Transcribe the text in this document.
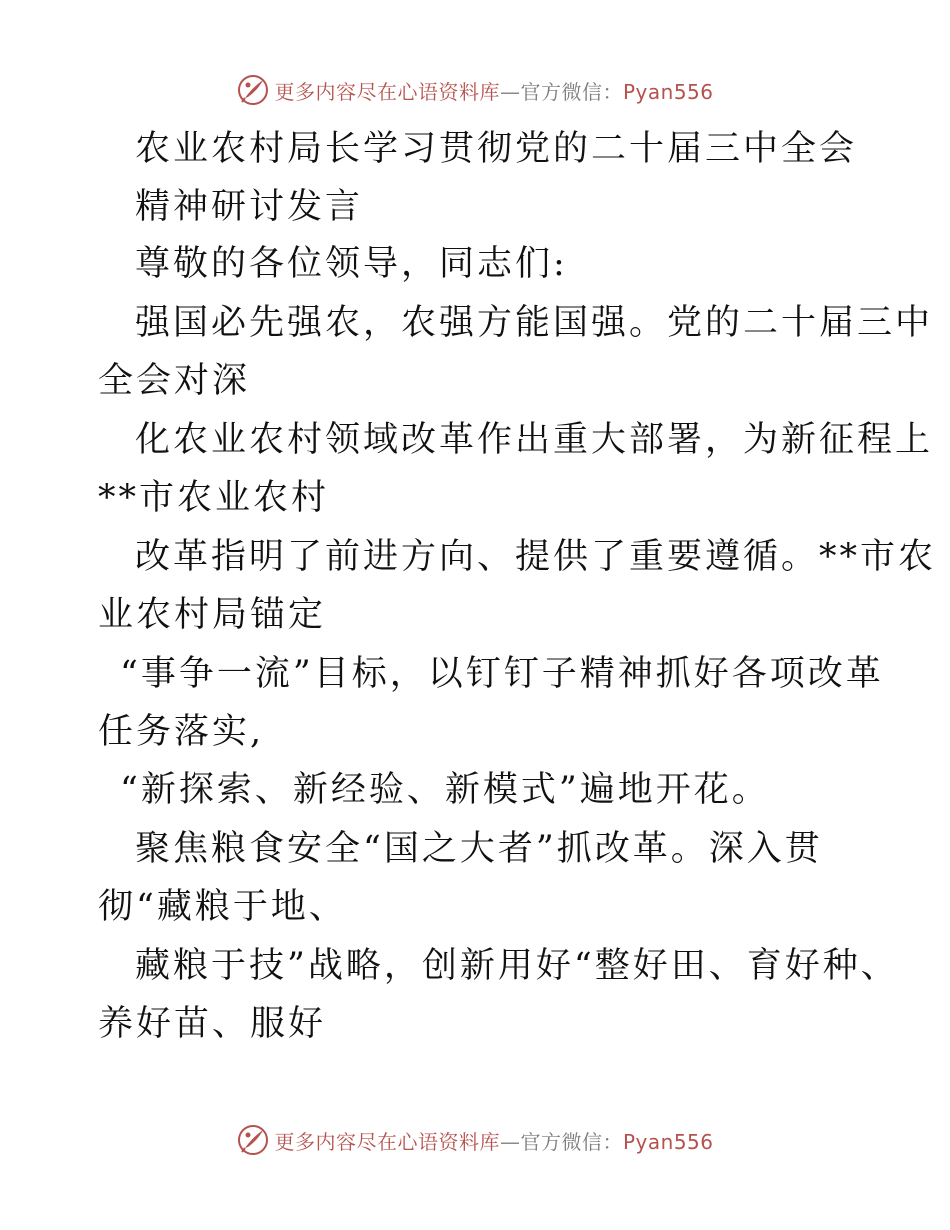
更多内容尽在心语资料库—官方微信：Pyan556
农业农村局长学习贯彻党的二十届三中全会
精神研讨发言
尊敬的各位领导，同志们:
强国必先强农，农强方能国强。党的二十届三中
全会对深
化农业农村领域改革作出重大部署，为新征程上
**市农业农村
改革指明了前进方向、提供了重要遵循。**市农
业农村局锚定
“事争一流”目标，以钉钉子精神抓好各项改革
任务落实,
“新探索、新经验、新模式”遍地开花。
聚焦粮食安全“国之大者”抓改革。深入贯
彻“藏粮于地、
藏粮于技”战略，创新用好“整好田、育好种、
养好苗、服好
更多内容尽在心语资料库—官方微信：Pyan556
